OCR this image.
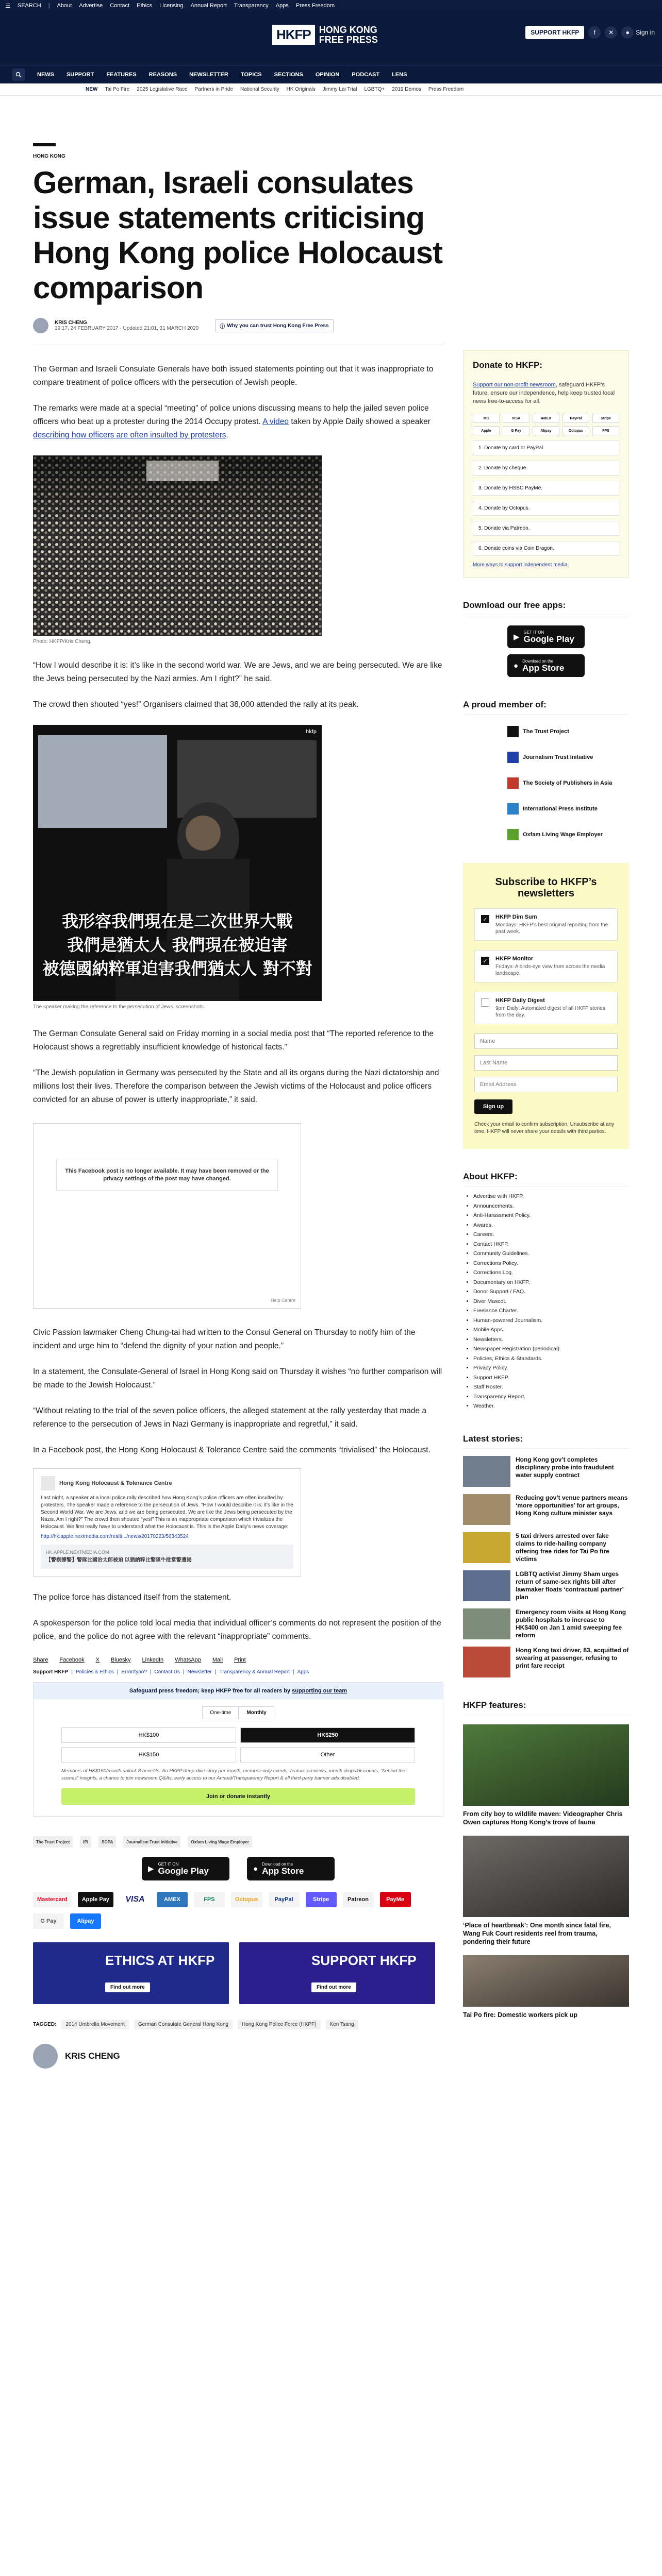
☰ SEARCH | About Advertise Contact Ethics Licensing Annual Report Transparency Apps Press Freedom
HKFP HONG KONG
FREE PRESS
SUPPORT HKFP	f	✕	●	Sign in
NEWS SUPPORT FEATURES REASONS NEWSLETTER TOPICS SECTIONS OPINION PODCAST LENS
NEW Tai Po Fire 2025 Legislative Race Partners in Pride National Security HK Originals Jimmy Lai Trial LGBTQ+ 2019 Demos Press Freedom
HONG KONG
German, Israeli consulates issue statements criticising Hong Kong police Holocaust comparison
KRIS CHENG
19:17, 24 FEBRUARY 2017 · Updated 21:01, 31 MARCH 2020	ⓘ Why you can trust Hong Kong Free Press

The German and Israeli Consulate Generals have both issued statements pointing out that it was inappropriate to compare treatment of police officers with the persecution of Jewish people.

The remarks were made at a special “meeting” of police unions discussing means to help the jailed seven police officers who beat up a protester during the 2014 Occupy protest. A video taken by Apple Daily showed a speaker describing how officers are often insulted by protesters.

Photo: HKFP/Kris Cheng.

“How I would describe it is: it’s like in the second world war. We are Jews, and we are being persecuted. We are like the Jews being persecuted by the Nazi armies. Am I right?” he said.

The crowd then shouted “yes!” Organisers claimed that 38,000 attended the rally at its peak.

hkfp
我形容我們現在是二次世界大戰
我們是猶太人 我們現在被迫害
被德國納粹軍迫害我們猶太人 對不對
The speaker making the reference to the persecution of Jews. screenshots.

The German Consulate General said on Friday morning in a social media post that “The reported reference to the Holocaust shows a regrettably insufficient knowledge of historical facts.”

“The Jewish population in Germany was persecuted by the State and all its organs during the Nazi dictatorship and millions lost their lives. Therefore the comparison between the Jewish victims of the Holocaust and police officers convicted for an abuse of power is utterly inappropriate,” it said.

This Facebook post is no longer available. It may have been removed or the privacy settings of the post may have changed.
Help Centre

Civic Passion lawmaker Cheng Chung-tai had written to the Consul General on Thursday to notify him of the incident and urge him to “defend the dignity of your nation and people.”

In a statement, the Consulate-General of Israel in Hong Kong said on Thursday it wishes “no further comparison will be made to the Jewish Holocaust.”

“Without relating to the trial of the seven police officers, the alleged statement at the rally yesterday that made a reference to the persecution of Jews in Nazi Germany is inappropriate and regretful,” it said.

In a Facebook post, the Hong Kong Holocaust & Tolerance Centre said the comments “trivialised” the Holocaust.

Hong Kong Holocaust & Tolerance Centre
Last night, a speaker at a local police rally described how Hong Kong’s police officers are often insulted by protesters. The speaker made a reference to the persecution of Jews. “How I would describe it is: it’s like in the Second World War. We are Jews, and we are being persecuted. We are like the Jews being persecuted by the Nazis. Am I right?” The crowd then shouted “yes!” This is an inappropriate comparison which trivializes the Holocaust. We first really have to understand what the Holocaust is. This is the Apple Daily’s news coverage:
http://hk.apple.nextmedia.com/realti.../news/20170223/56343524
HK.APPLE.NEXTMEDIA.COM
【警察撐警】警隊比國治太郎被迫 以猶納粹比警隊牛批當警遭揭

The police force has distanced itself from the statement.

A spokesperson for the police told local media that individual officer’s comments do not represent the position of the police, and the police do not agree with the relevant “inappropriate” comments.

Share Facebook X Bluesky LinkedIn WhatsApp Mail Print
Support HKFP | Policies & Ethics | Error/typo? | Contact Us | Newsletter | Transparency & Annual Report | Apps
Safeguard press freedom; keep HKFP free for all readers by supporting our team
One-time	Monthly
HK$100	HK$250
HK$150	Other
Members of HK$150/month unlock 8 benefits: An HKFP deep-dive story per month, member-only events, feature previews, merch drops/discounts, “behind the scenes” insights, a chance to join newsroom Q&As, early access to our Annual/Transparency Report & all third-party banner ads disabled.
Join or donate instantly
The Trust Project	IPI	SOPA	Journalism Trust Initiative	Oxfam Living Wage Employer
▶
GET IT ON
Google Play	●
Download on the
App Store
Mastercard	Apple Pay	VISA	AMEX	FPS	Octopus	PayPal	Stripe	Patreon	PayMe
G Pay	Alipay
ETHICS AT HKFP
Find out more
SUPPORT HKFP
Find out more
TAGGED:	2014 Umbrella Movement	German Consulate General Hong Kong	Hong Kong Police Force (HKPF)	Ken Tsang
KRIS CHENG
Donate to HKFP:
Support our non-profit newsroom, safeguard HKFP’s future, ensure our independence, help keep trusted local news free-to-access for all.
MC	VISA	AMEX	PayPal	Stripe
Apple	G Pay	Alipay	Octopus	FPS
1. Donate by card or PayPal.
2. Donate by cheque.
3. Donate by HSBC PayMe.
4. Donate by Octopus.
5. Donate via Patreon.
6. Donate coins via Coin Dragon.
More ways to support independent media.
Download our free apps:
▶
GET IT ON
Google Play
●
Download on the
App Store
A proud member of:
The Trust Project
Journalism Trust Initiative
The Society of Publishers in Asia
International Press Institute
Oxfam Living Wage Employer
Subscribe to HKFP’s newsletters
✓	HKFP Dim Sum
Mondays: HKFP’s best original reporting from the past week.
✓	HKFP Monitor
Fridays: A birds-eye view from across the media landscape.
HKFP Daily Digest
9pm Daily: Automated digest of all HKFP stories from the day.
Name
Last Name
Email Address
Sign up
Check your email to confirm subscription. Unsubscribe at any time. HKFP will never share your details with third parties.
About HKFP:
• Advertise with HKFP.
• Announcements.
• Anti-Harassment Policy.
• Awards.
• Careers.
• Contact HKFP.
• Community Guidelines.
• Corrections Policy.
• Corrections Log.
• Documentary on HKFP.
• Donor Support / FAQ.
• Diver Mascot.
• Freelance Charter.
• Human-powered Journalism.
• Mobile Apps.
• Newsletters.
• Newspaper Registration (periodical).
• Policies, Ethics & Standards.
• Privacy Policy.
• Support HKFP.
• Staff Roster.
• Transparency Report.
• Weather.
Latest stories:
Hong Kong gov’t completes disciplinary probe into fraudulent water supply contract
Reducing gov’t venue partners means ‘more opportunities’ for art groups, Hong Kong culture minister says
5 taxi drivers arrested over fake claims to ride-hailing company offering free rides for Tai Po fire victims
LGBTQ activist Jimmy Sham urges return of same-sex rights bill after lawmaker floats ‘contractual partner’ plan
Emergency room visits at Hong Kong public hospitals to increase to HK$400 on Jan 1 amid sweeping fee reform
Hong Kong taxi driver, 83, acquitted of swearing at passenger, refusing to print fare receipt
HKFP features:
From city boy to wildlife maven: Videographer Chris Owen captures Hong Kong’s trove of fauna
‘Place of heartbreak’: One month since fatal fire, Wang Fuk Court residents reel from trauma, pondering their future
Tai Po fire: Domestic workers pick up
